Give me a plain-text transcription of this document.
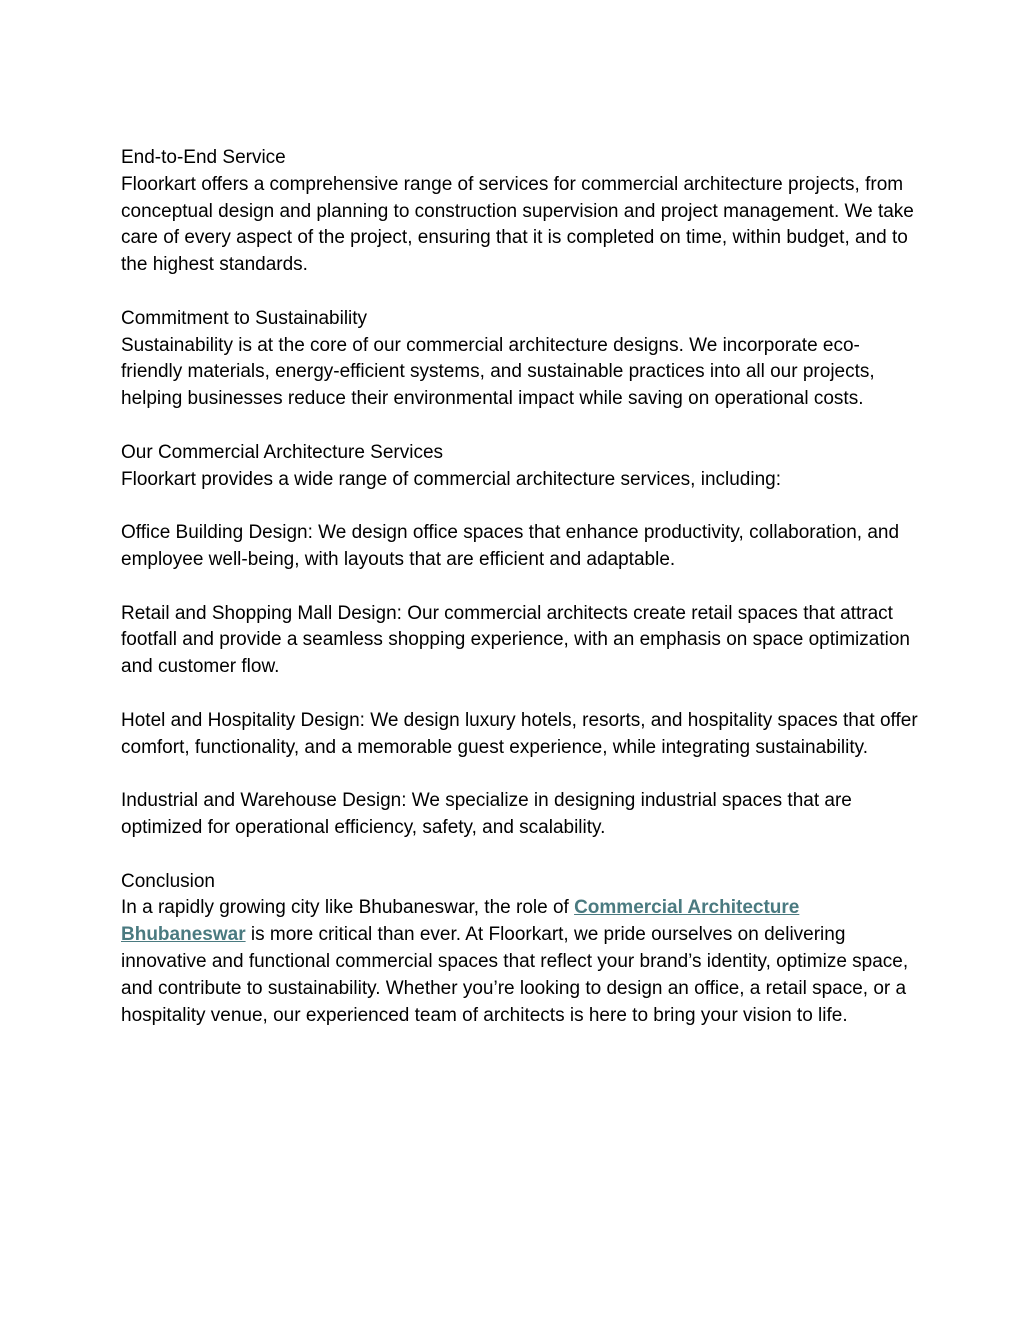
End-to-End Service

Floorkart offers a comprehensive range of services for commercial architecture projects, from conceptual design and planning to construction supervision and project management. We take care of every aspect of the project, ensuring that it is completed on time, within budget, and to the highest standards.

Commitment to Sustainability

Sustainability is at the core of our commercial architecture designs. We incorporate eco-friendly materials, energy-efficient systems, and sustainable practices into all our projects, helping businesses reduce their environmental impact while saving on operational costs.

Our Commercial Architecture Services

Floorkart provides a wide range of commercial architecture services, including:

Office Building Design: We design office spaces that enhance productivity, collaboration, and employee well-being, with layouts that are efficient and adaptable.

Retail and Shopping Mall Design: Our commercial architects create retail spaces that attract footfall and provide a seamless shopping experience, with an emphasis on space optimization and customer flow.

Hotel and Hospitality Design: We design luxury hotels, resorts, and hospitality spaces that offer comfort, functionality, and a memorable guest experience, while integrating sustainability.

Industrial and Warehouse Design: We specialize in designing industrial spaces that are optimized for operational efficiency, safety, and scalability.

Conclusion

In a rapidly growing city like Bhubaneswar, the role of Commercial Architecture Bhubaneswar is more critical than ever. At Floorkart, we pride ourselves on delivering innovative and functional commercial spaces that reflect your brand’s identity, optimize space, and contribute to sustainability. Whether you’re looking to design an office, a retail space, or a hospitality venue, our experienced team of architects is here to bring your vision to life.
